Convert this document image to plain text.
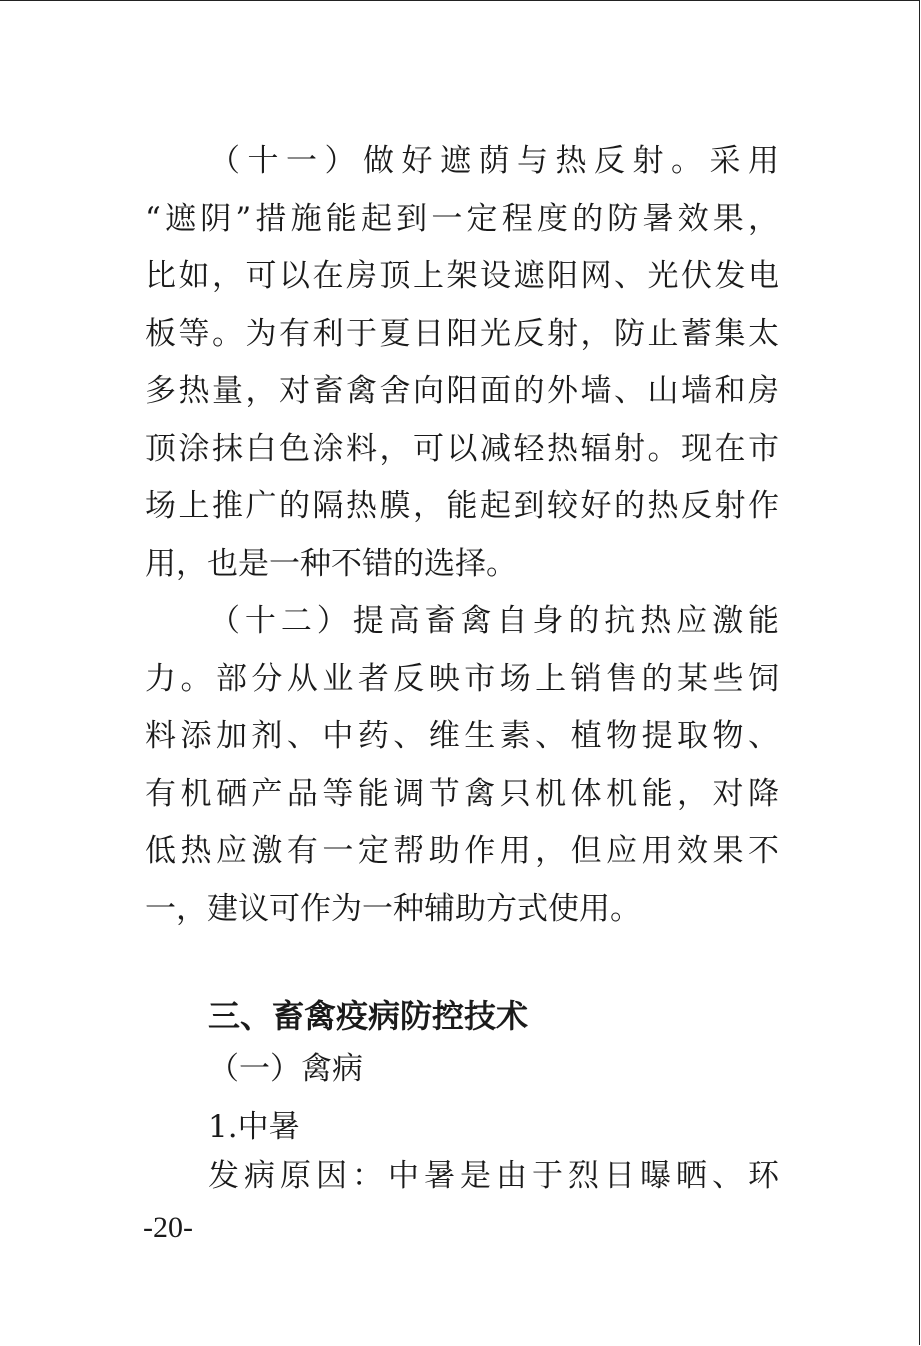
（十一）做好遮荫与热反射。采用
“遮阴”措施能起到一定程度的防暑效果，
比如，可以在房顶上架设遮阳网、光伏发电
板等。为有利于夏日阳光反射，防止蓄集太
多热量，对畜禽舍向阳面的外墙、山墙和房
顶涂抹白色涂料，可以减轻热辐射。现在市
场上推广的隔热膜，能起到较好的热反射作
用，也是一种不错的选择。
（十二）提高畜禽自身的抗热应激能
力。部分从业者反映市场上销售的某些饲
料添加剂、中药、维生素、植物提取物、
有机硒产品等能调节禽只机体机能，对降
低热应激有一定帮助作用，但应用效果不
一，建议可作为一种辅助方式使用。
三、畜禽疫病防控技术

（一）禽病

1.中暑

发病原因：中暑是由于烈日曝晒、环

-20-
